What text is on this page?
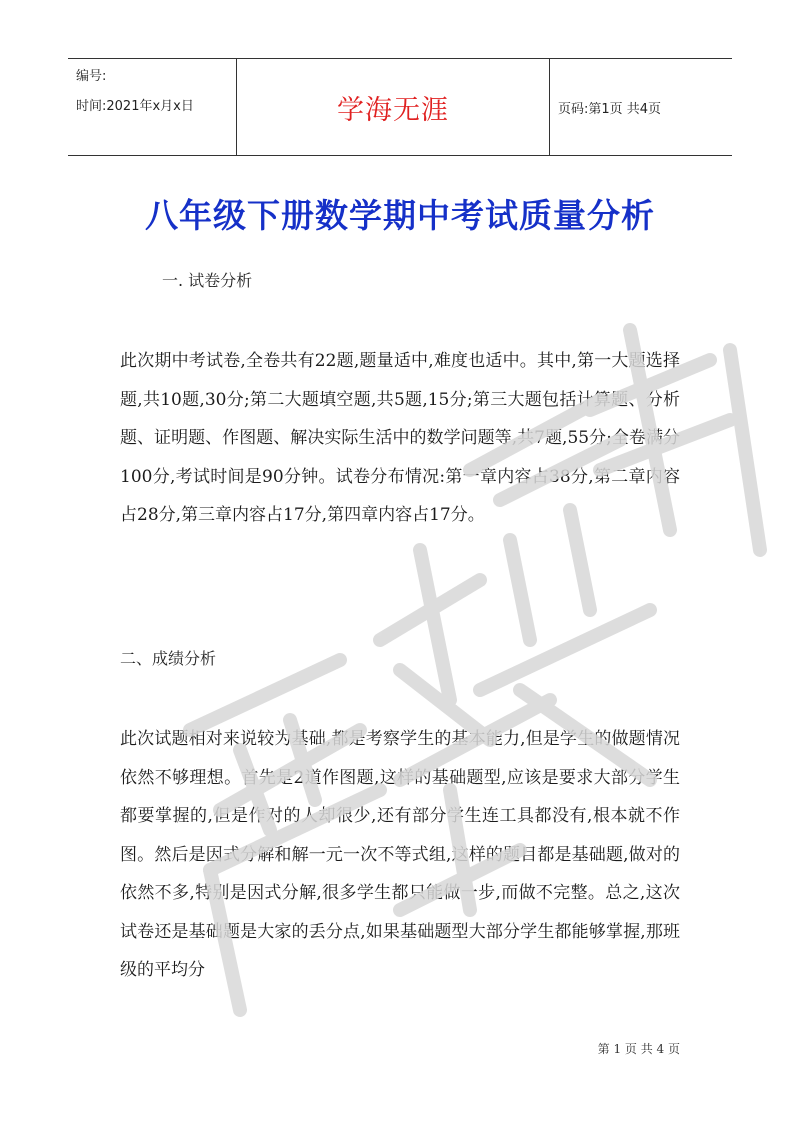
编号:
时间:2021年x月x日	学海无涯	页码:第1页 共4页
八年级下册数学期中考试质量分析
一. 试卷分析

此次期中考试卷,全卷共有22题,题量适中,难度也适中。其中,第一大题选择题,共10题,30分;第二大题填空题,共5题,15分;第三大题包括计算题、分析题、证明题、作图题、解决实际生活中的数学问题等,共7题,55分;全卷满分100分,考试时间是90分钟。试卷分布情况:第一章内容占38分,第二章内容占28分,第三章内容占17分,第四章内容占17分。

二、成绩分析

此次试题相对来说较为基础,都是考察学生的基本能力,但是学生的做题情况依然不够理想。首先是2道作图题,这样的基础题型,应该是要求大部分学生都要掌握的,但是作对的人却很少,还有部分学生连工具都没有,根本就不作图。然后是因式分解和解一元一次不等式组,这样的题目都是基础题,做对的依然不多,特别是因式分解,很多学生都只能做一步,而做不完整。总之,这次试卷还是基础题是大家的丢分点,如果基础题型大部分学生都能够掌握,那班级的平均分

第 1 页 共 4 页
严禁复制
